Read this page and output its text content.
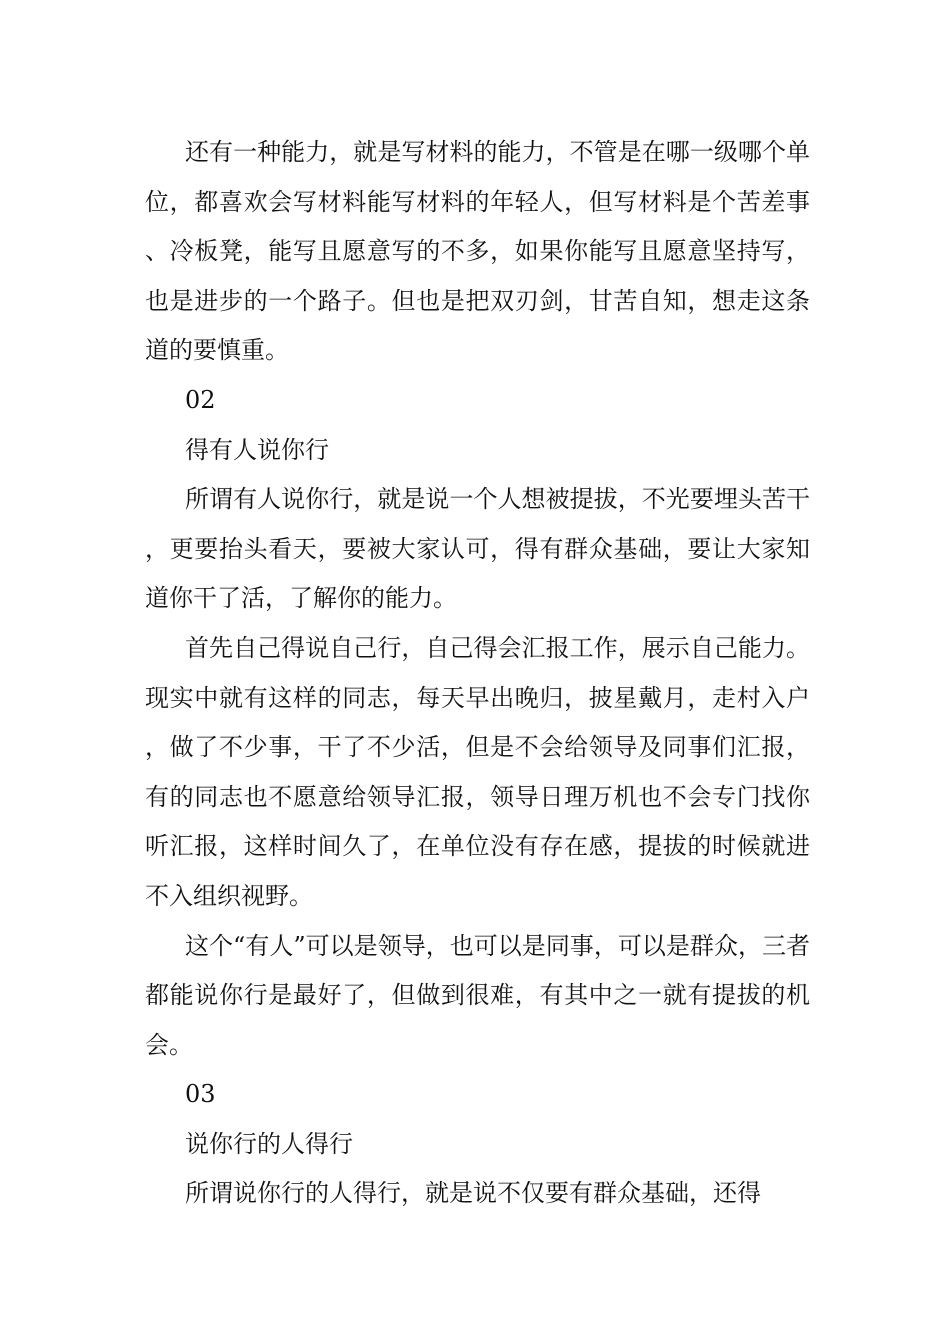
还有一种能力，就是写材料的能力，不管是在哪一级哪个单位，都喜欢会写材料能写材料的年轻人，但写材料是个苦差事、冷板凳，能写且愿意写的不多，如果你能写且愿意坚持写，也是进步的一个路子。但也是把双刃剑，甘苦自知，想走这条道的要慎重。

02

得有人说你行

所谓有人说你行，就是说一个人想被提拔，不光要埋头苦干，更要抬头看天，要被大家认可，得有群众基础，要让大家知道你干了活，了解你的能力。

首先自己得说自己行，自己得会汇报工作，展示自己能力。现实中就有这样的同志，每天早出晚归，披星戴月，走村入户，做了不少事，干了不少活，但是不会给领导及同事们汇报，有的同志也不愿意给领导汇报，领导日理万机也不会专门找你听汇报，这样时间久了，在单位没有存在感，提拔的时候就进不入组织视野。

这个“有人”可以是领导，也可以是同事，可以是群众，三者都能说你行是最好了，但做到很难，有其中之一就有提拔的机会。

03

说你行的人得行

所谓说你行的人得行，就是说不仅要有群众基础，还得
